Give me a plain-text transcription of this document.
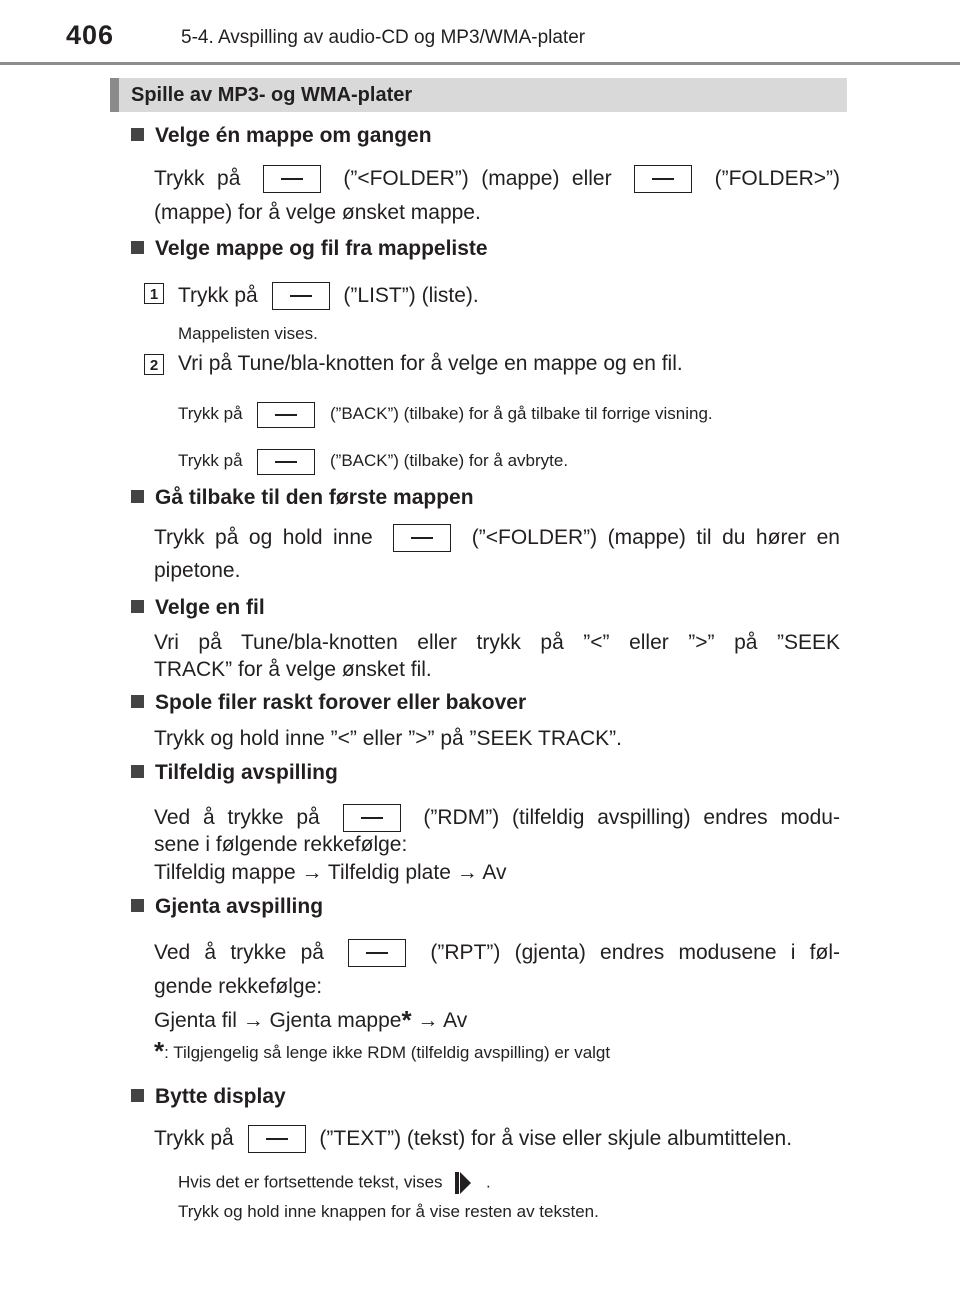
406	5-4. Avspilling av audio-CD og MP3/WMA-plater
Spille av MP3- og WMA-plater
Velge én mappe om gangen
Trykk på	(”<FOLDER”) (mappe) eller	(”FOLDER>”)
(mappe) for å velge ønsket mappe.
Velge mappe og fil fra mappeliste
1 Trykk på	(”LIST”) (liste).
Mappelisten vises.
2 Vri på Tune/bla-knotten for å velge en mappe og en fil.
Trykk på	(”BACK”) (tilbake) for å gå tilbake til forrige visning.
Trykk på	(”BACK”) (tilbake) for å avbryte.
Gå tilbake til den første mappen
Trykk på og hold inne	(”<FOLDER”) (mappe) til du hører en
pipetone.
Velge en fil
Vri på Tune/bla-knotten eller trykk på ”<” eller ”>” på ”SEEK
TRACK” for å velge ønsket fil.
Spole filer raskt forover eller bakover
Trykk og hold inne ”<” eller ”>” på ”SEEK TRACK”.
Tilfeldig avspilling
Ved å trykke på	(”RDM”) (tilfeldig avspilling) endres modu-
sene i følgende rekkefølge:
Tilfeldig mappe → Tilfeldig plate → Av
Gjenta avspilling
Ved å trykke på	(”RPT”) (gjenta) endres modusene i føl-
gende rekkefølge:
Gjenta fil → Gjenta mappe* → Av
*: Tilgjengelig så lenge ikke RDM (tilfeldig avspilling) er valgt
Bytte display
Trykk på	(”TEXT”) (tekst) for å vise eller skjule albumtittelen.
Hvis det er fortsettende tekst, vises	.
Trykk og hold inne knappen for å vise resten av teksten.
